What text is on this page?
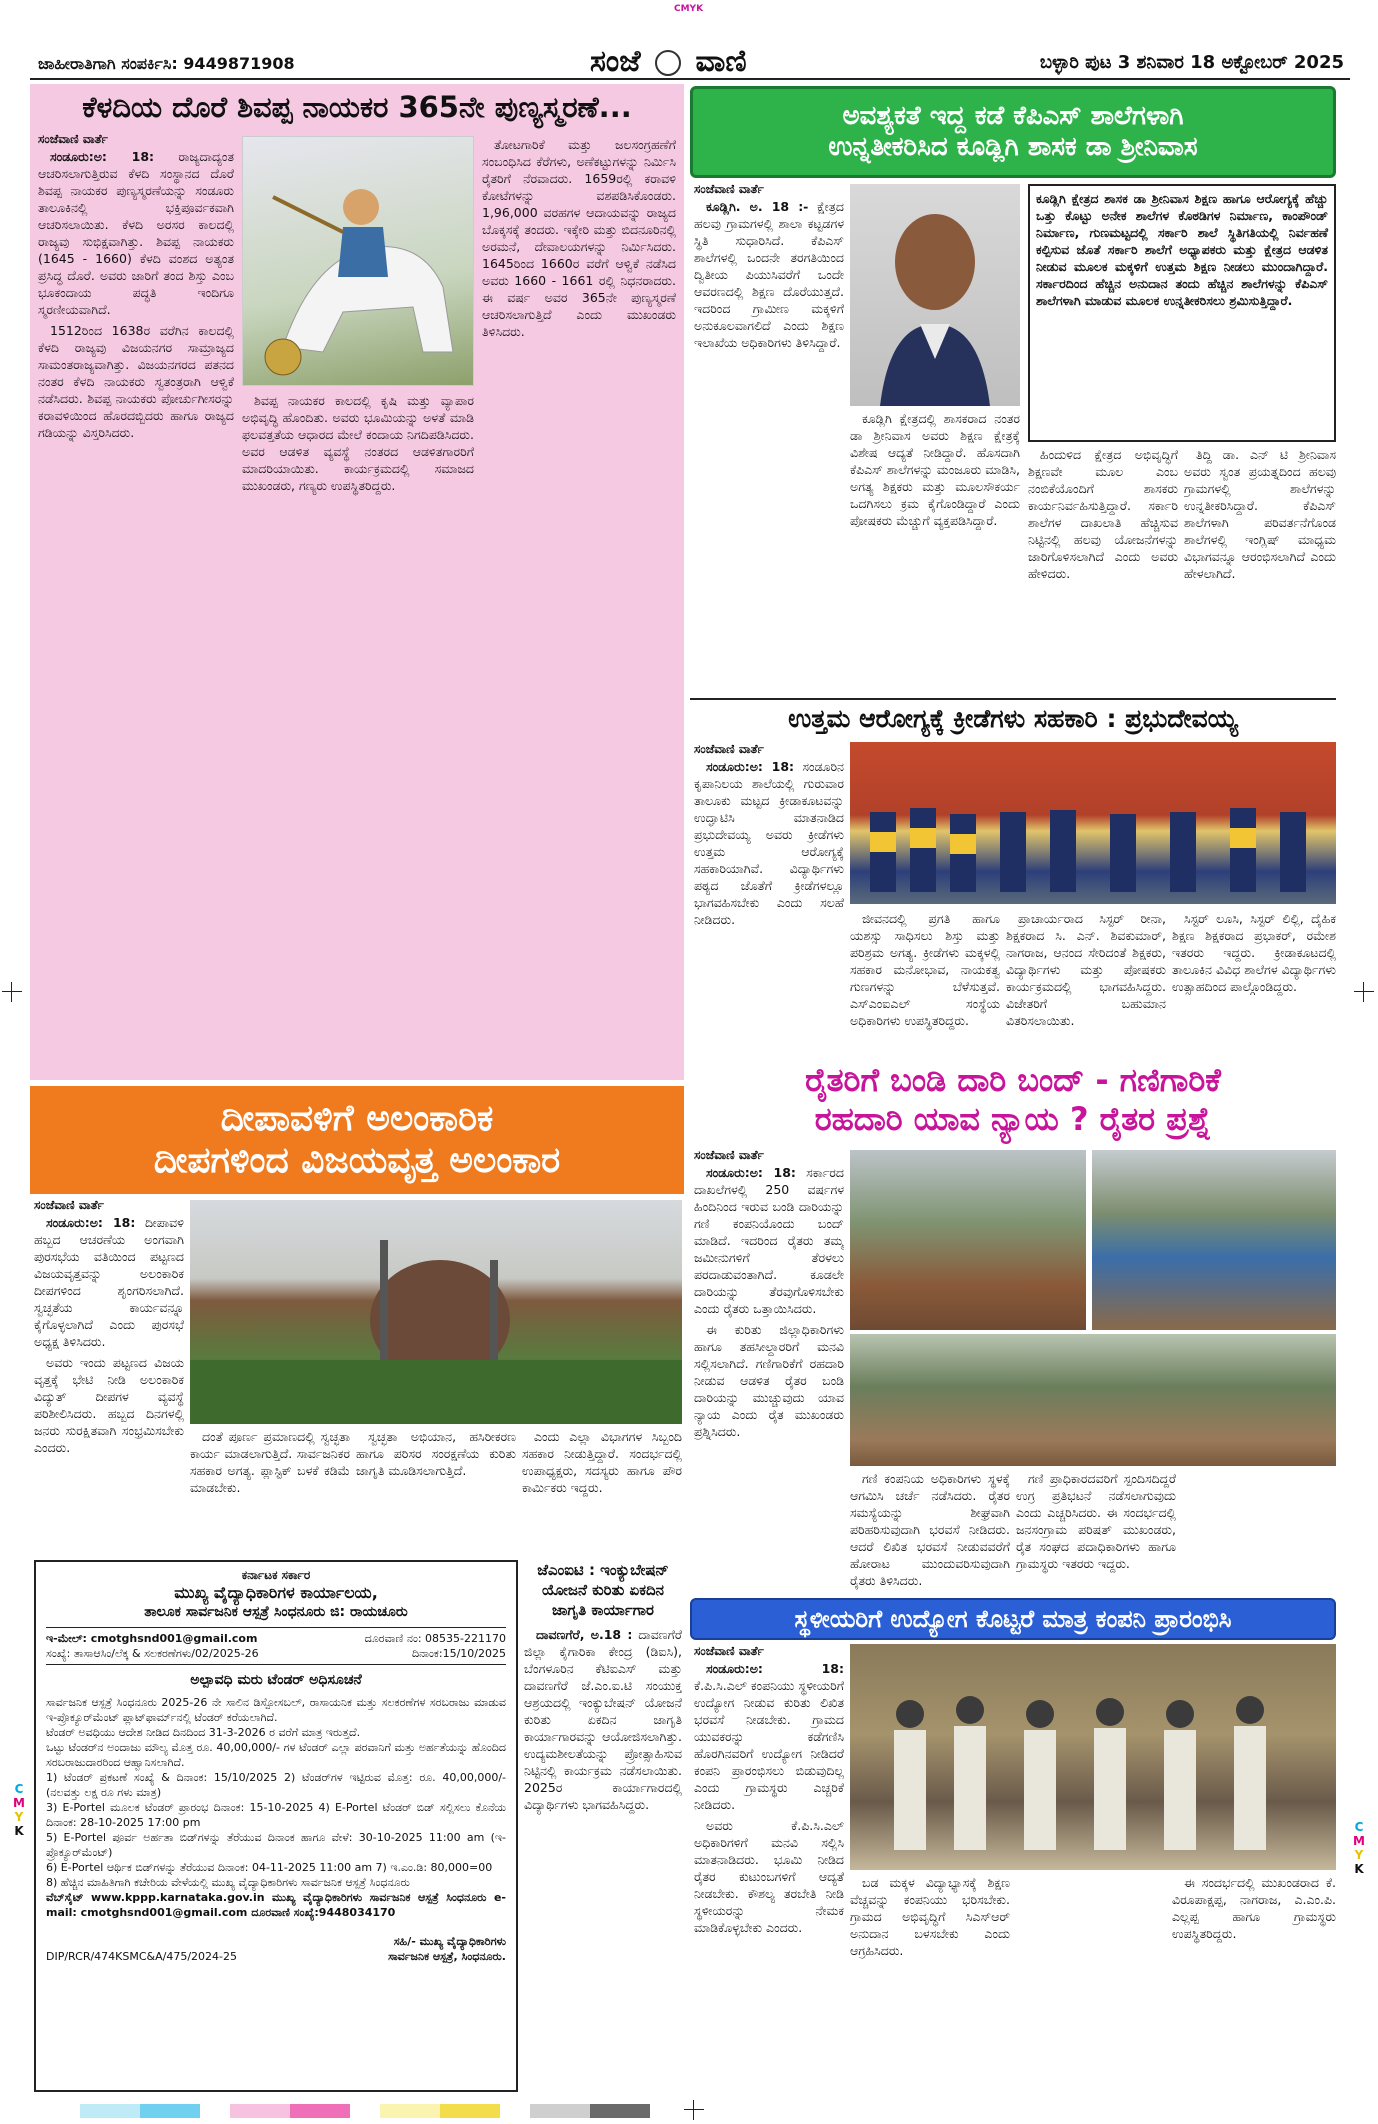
CMYK
ಜಾಹೀರಾತಿಗಾಗಿ ಸಂಪರ್ಕಿಸಿ: 9449871908	ಸಂಜೆ ವಾಣಿ	ಬಳ್ಳಾರಿ ಪುಟ 3 ಶನಿವಾರ 18 ಅಕ್ಟೋಬರ್ 2025
ಕೆಳದಿಯ ದೊರೆ ಶಿವಪ್ಪ ನಾಯಕರ 365ನೇ ಪುಣ್ಯಸ್ಮರಣೆ...
ಸಂಜೆವಾಣಿ ವಾರ್ತೆ

ಸಂಡೂರು:ಅ: 18: ರಾಜ್ಯದಾದ್ಯಂತ ಆಚರಿಸಲಾಗುತ್ತಿರುವ ಕೆಳದಿ ಸಂಸ್ಥಾನದ ದೊರೆ ಶಿವಪ್ಪ ನಾಯಕರ ಪುಣ್ಯಸ್ಮರಣೆಯನ್ನು ಸಂಡೂರು ತಾಲೂಕಿನಲ್ಲಿ ಭಕ್ತಿಪೂರ್ವಕವಾಗಿ ಆಚರಿಸಲಾಯಿತು. ಕೆಳದಿ ಅರಸರ ಕಾಲದಲ್ಲಿ ರಾಜ್ಯವು ಸುಭಿಕ್ಷವಾಗಿತ್ತು. ಶಿವಪ್ಪ ನಾಯಕರು (1645 - 1660) ಕೆಳದಿ ವಂಶದ ಅತ್ಯಂತ ಪ್ರಸಿದ್ಧ ದೊರೆ. ಅವರು ಜಾರಿಗೆ ತಂದ ಶಿಸ್ತು ಎಂಬ ಭೂಕಂದಾಯ ಪದ್ಧತಿ ಇಂದಿಗೂ ಸ್ಮರಣೀಯವಾಗಿದೆ.

1512ರಿಂದ 1638ರ ವರೆಗಿನ ಕಾಲದಲ್ಲಿ ಕೆಳದಿ ರಾಜ್ಯವು ವಿಜಯನಗರ ಸಾಮ್ರಾಜ್ಯದ ಸಾಮಂತರಾಜ್ಯವಾಗಿತ್ತು. ವಿಜಯನಗರದ ಪತನದ ನಂತರ ಕೆಳದಿ ನಾಯಕರು ಸ್ವತಂತ್ರರಾಗಿ ಆಳ್ವಿಕೆ ನಡೆಸಿದರು. ಶಿವಪ್ಪ ನಾಯಕರು ಪೋರ್ಚುಗೀಸರನ್ನು ಕರಾವಳಿಯಿಂದ ಹೊರದಬ್ಬಿದರು ಹಾಗೂ ರಾಜ್ಯದ ಗಡಿಯನ್ನು ವಿಸ್ತರಿಸಿದರು.

ಶಿವಪ್ಪ ನಾಯಕರ ಕಾಲದಲ್ಲಿ ಕೃಷಿ ಮತ್ತು ವ್ಯಾಪಾರ ಅಭಿವೃದ್ಧಿ ಹೊಂದಿತು. ಅವರು ಭೂಮಿಯನ್ನು ಅಳತೆ ಮಾಡಿ ಫಲವತ್ತತೆಯ ಆಧಾರದ ಮೇಲೆ ಕಂದಾಯ ನಿಗದಿಪಡಿಸಿದರು. ಅವರ ಆಡಳಿತ ವ್ಯವಸ್ಥೆ ನಂತರದ ಆಡಳಿತಗಾರರಿಗೆ ಮಾದರಿಯಾಯಿತು. ಕಾರ್ಯಕ್ರಮದಲ್ಲಿ ಸಮಾಜದ ಮುಖಂಡರು, ಗಣ್ಯರು ಉಪಸ್ಥಿತರಿದ್ದರು.

ತೋಟಗಾರಿಕೆ ಮತ್ತು ಜಲಸಂಗ್ರಹಣೆಗೆ ಸಂಬಂಧಿಸಿದ ಕೆರೆಗಳು, ಅಣೆಕಟ್ಟುಗಳನ್ನು ನಿರ್ಮಿಸಿ ರೈತರಿಗೆ ನೆರವಾದರು. 1659ರಲ್ಲಿ ಕರಾವಳಿ ಕೋಟೆಗಳನ್ನು ವಶಪಡಿಸಿಕೊಂಡರು. 1,96,000 ವರಹಗಳ ಆದಾಯವನ್ನು ರಾಜ್ಯದ ಬೊಕ್ಕಸಕ್ಕೆ ತಂದರು. ಇಕ್ಕೇರಿ ಮತ್ತು ಬಿದನೂರಿನಲ್ಲಿ ಅರಮನೆ, ದೇವಾಲಯಗಳನ್ನು ನಿರ್ಮಿಸಿದರು. 1645ರಿಂದ 1660ರ ವರೆಗೆ ಆಳ್ವಿಕೆ ನಡೆಸಿದ ಅವರು 1660 - 1661 ರಲ್ಲಿ ನಿಧನರಾದರು. ಈ ವರ್ಷ ಅವರ 365ನೇ ಪುಣ್ಯಸ್ಮರಣೆ ಆಚರಿಸಲಾಗುತ್ತಿದೆ ಎಂದು ಮುಖಂಡರು ತಿಳಿಸಿದರು.

ಅವಶ್ಯಕತೆ ಇದ್ದ ಕಡೆ ಕೆಪಿಎಸ್ ಶಾಲೆಗಳಾಗಿ
ಉನ್ನತೀಕರಿಸಿದ ಕೂಡ್ಲಿಗಿ ಶಾಸಕ ಡಾ ಶ್ರೀನಿವಾಸ
ಸಂಜೆವಾಣಿ ವಾರ್ತೆ

ಕೂಡ್ಲಿಗಿ. ಅ. 18 :- ಕ್ಷೇತ್ರದ ಹಲವು ಗ್ರಾಮಗಳಲ್ಲಿ ಶಾಲಾ ಕಟ್ಟಡಗಳ ಸ್ಥಿತಿ ಸುಧಾರಿಸಿದೆ. ಕೆಪಿಎಸ್ ಶಾಲೆಗಳಲ್ಲಿ ಒಂದನೇ ತರಗತಿಯಿಂದ ದ್ವಿತೀಯ ಪಿಯುಸಿವರೆಗೆ ಒಂದೇ ಆವರಣದಲ್ಲಿ ಶಿಕ್ಷಣ ದೊರೆಯುತ್ತದೆ. ಇದರಿಂದ ಗ್ರಾಮೀಣ ಮಕ್ಕಳಿಗೆ ಅನುಕೂಲವಾಗಲಿದೆ ಎಂದು ಶಿಕ್ಷಣ ಇಲಾಖೆಯ ಅಧಿಕಾರಿಗಳು ತಿಳಿಸಿದ್ದಾರೆ.

ಕೂಡ್ಲಿಗಿ ಕ್ಷೇತ್ರದ ಶಾಸಕ ಡಾ ಶ್ರೀನಿವಾಸ ಶಿಕ್ಷಣ ಹಾಗೂ ಆರೋಗ್ಯಕ್ಕೆ ಹೆಚ್ಚು ಒತ್ತು ಕೊಟ್ಟು ಅನೇಕ ಶಾಲೆಗಳ ಕೊಠಡಿಗಳ ನಿರ್ಮಾಣ, ಕಾಂಪೌಂಡ್ ನಿರ್ಮಾಣ, ಗುಣಮಟ್ಟದಲ್ಲಿ ಸರ್ಕಾರಿ ಶಾಲೆ ಸ್ಥಿತಿಗತಿಯಲ್ಲಿ ನಿರ್ವಹಣೆ ಕಲ್ಪಿಸುವ ಜೊತೆ ಸರ್ಕಾರಿ ಶಾಲೆಗೆ ಅಧ್ಯಾಪಕರು ಮತ್ತು ಕ್ಷೇತ್ರದ ಆಡಳಿತ ನೀಡುವ ಮೂಲಕ ಮಕ್ಕಳಿಗೆ ಉತ್ತಮ ಶಿಕ್ಷಣ ನೀಡಲು ಮುಂದಾಗಿದ್ದಾರೆ. ಸರ್ಕಾರದಿಂದ ಹೆಚ್ಚಿನ ಅನುದಾನ ತಂದು ಹೆಚ್ಚಿನ ಶಾಲೆಗಳನ್ನು ಕೆಪಿಎಸ್ ಶಾಲೆಗಳಾಗಿ ಮಾಡುವ ಮೂಲಕ ಉನ್ನತೀಕರಿಸಲು ಶ್ರಮಿಸುತ್ತಿದ್ದಾರೆ.

ಕೂಡ್ಲಿಗಿ ಕ್ಷೇತ್ರದಲ್ಲಿ ಶಾಸಕರಾದ ನಂತರ ಡಾ ಶ್ರೀನಿವಾಸ ಅವರು ಶಿಕ್ಷಣ ಕ್ಷೇತ್ರಕ್ಕೆ ವಿಶೇಷ ಆದ್ಯತೆ ನೀಡಿದ್ದಾರೆ. ಹೊಸದಾಗಿ ಕೆಪಿಎಸ್ ಶಾಲೆಗಳನ್ನು ಮಂಜೂರು ಮಾಡಿಸಿ, ಅಗತ್ಯ ಶಿಕ್ಷಕರು ಮತ್ತು ಮೂಲಸೌಕರ್ಯ ಒದಗಿಸಲು ಕ್ರಮ ಕೈಗೊಂಡಿದ್ದಾರೆ ಎಂದು ಪೋಷಕರು ಮೆಚ್ಚುಗೆ ವ್ಯಕ್ತಪಡಿಸಿದ್ದಾರೆ.

ಹಿಂದುಳಿದ ಕ್ಷೇತ್ರದ ಅಭಿವೃದ್ಧಿಗೆ ಶಿಕ್ಷಣವೇ ಮೂಲ ಎಂಬ ನಂಬಿಕೆಯೊಂದಿಗೆ ಶಾಸಕರು ಕಾರ್ಯನಿರ್ವಹಿಸುತ್ತಿದ್ದಾರೆ. ಸರ್ಕಾರಿ ಶಾಲೆಗಳ ದಾಖಲಾತಿ ಹೆಚ್ಚಿಸುವ ನಿಟ್ಟಿನಲ್ಲಿ ಹಲವು ಯೋಜನೆಗಳನ್ನು ಜಾರಿಗೊಳಿಸಲಾಗಿದೆ ಎಂದು ಅವರು ಹೇಳಿದರು.

ತಿದ್ದಿ ಡಾ. ಎನ್ ಟಿ ಶ್ರೀನಿವಾಸ ಅವರು ಸ್ವಂತ ಪ್ರಯತ್ನದಿಂದ ಹಲವು ಗ್ರಾಮಗಳಲ್ಲಿ ಶಾಲೆಗಳನ್ನು ಉನ್ನತೀಕರಿಸಿದ್ದಾರೆ. ಕೆಪಿಎಸ್ ಶಾಲೆಗಳಾಗಿ ಪರಿವರ್ತನೆಗೊಂಡ ಶಾಲೆಗಳಲ್ಲಿ ಇಂಗ್ಲಿಷ್ ಮಾಧ್ಯಮ ವಿಭಾಗವನ್ನೂ ಆರಂಭಿಸಲಾಗಿದೆ ಎಂದು ಹೇಳಲಾಗಿದೆ.

ಉತ್ತಮ ಆರೋಗ್ಯಕ್ಕೆ ಕ್ರೀಡೆಗಳು ಸಹಕಾರಿ : ಪ್ರಭುದೇವಯ್ಯ
ಸಂಜೆವಾಣಿ ವಾರ್ತೆ

ಸಂಡೂರು:ಅ: 18: ಸಂಡೂರಿನ ಕೃಪಾನಿಲಯ ಶಾಲೆಯಲ್ಲಿ ಗುರುವಾರ ತಾಲೂಕು ಮಟ್ಟದ ಕ್ರೀಡಾಕೂಟವನ್ನು ಉದ್ಘಾಟಿಸಿ ಮಾತನಾಡಿದ ಪ್ರಭುದೇವಯ್ಯ ಅವರು ಕ್ರೀಡೆಗಳು ಉತ್ತಮ ಆರೋಗ್ಯಕ್ಕೆ ಸಹಕಾರಿಯಾಗಿವೆ. ವಿದ್ಯಾರ್ಥಿಗಳು ಪಠ್ಯದ ಜೊತೆಗೆ ಕ್ರೀಡೆಗಳಲ್ಲೂ ಭಾಗವಹಿಸಬೇಕು ಎಂದು ಸಲಹೆ ನೀಡಿದರು.	ಜೀವನದಲ್ಲಿ ಪ್ರಗತಿ ಹಾಗೂ ಯಶಸ್ಸು ಸಾಧಿಸಲು ಶಿಸ್ತು ಮತ್ತು ಪರಿಶ್ರಮ ಅಗತ್ಯ. ಕ್ರೀಡೆಗಳು ಮಕ್ಕಳಲ್ಲಿ ಸಹಕಾರ ಮನೋಭಾವ, ನಾಯಕತ್ವ ಗುಣಗಳನ್ನು ಬೆಳೆಸುತ್ತವೆ. ಎಸ್‌ಎಂಐಎಲ್ ಸಂಸ್ಥೆಯ ಅಧಿಕಾರಿಗಳು ಉಪಸ್ಥಿತರಿದ್ದರು.

ಪ್ರಾಚಾರ್ಯರಾದ ಸಿಸ್ಟರ್ ರೀನಾ, ಶಿಕ್ಷಕರಾದ ಸಿ. ಎನ್. ಶಿವಕುಮಾರ್, ನಾಗರಾಜ, ಆನಂದ ಸೇರಿದಂತೆ ಶಿಕ್ಷಕರು, ವಿದ್ಯಾರ್ಥಿಗಳು ಮತ್ತು ಪೋಷಕರು ಕಾರ್ಯಕ್ರಮದಲ್ಲಿ ಭಾಗವಹಿಸಿದ್ದರು. ವಿಜೇತರಿಗೆ ಬಹುಮಾನ ವಿತರಿಸಲಾಯಿತು.

ಸಿಸ್ಟರ್ ಲೂಸಿ, ಸಿಸ್ಟರ್ ಲಿಲ್ಲಿ, ದೈಹಿಕ ಶಿಕ್ಷಣ ಶಿಕ್ಷಕರಾದ ಪ್ರಭಾಕರ್, ರಮೇಶ ಇತರರು ಇದ್ದರು. ಕ್ರೀಡಾಕೂಟದಲ್ಲಿ ತಾಲೂಕಿನ ವಿವಿಧ ಶಾಲೆಗಳ ವಿದ್ಯಾರ್ಥಿಗಳು ಉತ್ಸಾಹದಿಂದ ಪಾಲ್ಗೊಂಡಿದ್ದರು.

ರೈತರಿಗೆ ಬಂಡಿ ದಾರಿ ಬಂದ್ - ಗಣಿಗಾರಿಕೆ
ರಹದಾರಿ ಯಾವ ನ್ಯಾಯ ? ರೈತರ ಪ್ರಶ್ನೆ
ಸಂಜೆವಾಣಿ ವಾರ್ತೆ

ಸಂಡೂರು:ಅ: 18: ಸರ್ಕಾರದ ದಾಖಲೆಗಳಲ್ಲಿ 250 ವರ್ಷಗಳ ಹಿಂದಿನಿಂದ ಇರುವ ಬಂಡಿ ದಾರಿಯನ್ನು ಗಣಿ ಕಂಪನಿಯೊಂದು ಬಂದ್ ಮಾಡಿದೆ. ಇದರಿಂದ ರೈತರು ತಮ್ಮ ಜಮೀನುಗಳಿಗೆ ತೆರಳಲು ಪರದಾಡುವಂತಾಗಿದೆ. ಕೂಡಲೇ ದಾರಿಯನ್ನು ತೆರವುಗೊಳಿಸಬೇಕು ಎಂದು ರೈತರು ಒತ್ತಾಯಿಸಿದರು.

ಈ ಕುರಿತು ಜಿಲ್ಲಾಧಿಕಾರಿಗಳು ಹಾಗೂ ತಹಸೀಲ್ದಾರರಿಗೆ ಮನವಿ ಸಲ್ಲಿಸಲಾಗಿದೆ. ಗಣಿಗಾರಿಕೆಗೆ ರಹದಾರಿ ನೀಡುವ ಆಡಳಿತ ರೈತರ ಬಂಡಿ ದಾರಿಯನ್ನು ಮುಚ್ಚುವುದು ಯಾವ ನ್ಯಾಯ ಎಂದು ರೈತ ಮುಖಂಡರು ಪ್ರಶ್ನಿಸಿದರು.

ಗಣಿ ಕಂಪನಿಯ ಅಧಿಕಾರಿಗಳು ಸ್ಥಳಕ್ಕೆ ಆಗಮಿಸಿ ಚರ್ಚೆ ನಡೆಸಿದರು. ರೈತರ ಸಮಸ್ಯೆಯನ್ನು ಶೀಘ್ರವಾಗಿ ಪರಿಹರಿಸುವುದಾಗಿ ಭರವಸೆ ನೀಡಿದರು. ಆದರೆ ಲಿಖಿತ ಭರವಸೆ ನೀಡುವವರೆಗೆ ಹೋರಾಟ ಮುಂದುವರಿಸುವುದಾಗಿ ರೈತರು ತಿಳಿಸಿದರು.

ಗಣಿ ಪ್ರಾಧಿಕಾರದವರಿಗೆ ಸ್ಪಂದಿಸದಿದ್ದರೆ ಉಗ್ರ ಪ್ರತಿಭಟನೆ ನಡೆಸಲಾಗುವುದು ಎಂದು ಎಚ್ಚರಿಸಿದರು. ಈ ಸಂದರ್ಭದಲ್ಲಿ ಜನಸಂಗ್ರಾಮ ಪರಿಷತ್ ಮುಖಂಡರು, ರೈತ ಸಂಘದ ಪದಾಧಿಕಾರಿಗಳು ಹಾಗೂ ಗ್ರಾಮಸ್ಥರು ಇತರರು ಇದ್ದರು.

ದೀಪಾವಳಿಗೆ ಅಲಂಕಾರಿಕ
ದೀಪಗಳಿಂದ ವಿಜಯವೃತ್ತ ಅಲಂಕಾರ
ಸಂಜೆವಾಣಿ ವಾರ್ತೆ

ಸಂಡೂರು:ಅ: 18: ದೀಪಾವಳಿ ಹಬ್ಬದ ಆಚರಣೆಯ ಅಂಗವಾಗಿ ಪುರಸಭೆಯ ವತಿಯಿಂದ ಪಟ್ಟಣದ ವಿಜಯವೃತ್ತವನ್ನು ಅಲಂಕಾರಿಕ ದೀಪಗಳಿಂದ ಶೃಂಗರಿಸಲಾಗಿದೆ. ಸ್ವಚ್ಛತೆಯ ಕಾರ್ಯವನ್ನೂ ಕೈಗೊಳ್ಳಲಾಗಿದೆ ಎಂದು ಪುರಸಭೆ ಅಧ್ಯಕ್ಷ ತಿಳಿಸಿದರು.

ಅವರು ಇಂದು ಪಟ್ಟಣದ ವಿಜಯ ವೃತ್ತಕ್ಕೆ ಭೇಟಿ ನೀಡಿ ಅಲಂಕಾರಿಕ ವಿದ್ಯುತ್ ದೀಪಗಳ ವ್ಯವಸ್ಥೆ ಪರಿಶೀಲಿಸಿದರು. ಹಬ್ಬದ ದಿನಗಳಲ್ಲಿ ಜನರು ಸುರಕ್ಷಿತವಾಗಿ ಸಂಭ್ರಮಿಸಬೇಕು ಎಂದರು.

ದಂತೆ ಪೂರ್ಣ ಪ್ರಮಾಣದಲ್ಲಿ ಸ್ವಚ್ಛತಾ ಕಾರ್ಯ ಮಾಡಲಾಗುತ್ತಿದೆ. ಸಾರ್ವಜನಿಕರ ಸಹಕಾರ ಅಗತ್ಯ. ಪ್ಲಾಸ್ಟಿಕ್ ಬಳಕೆ ಕಡಿಮೆ ಮಾಡಬೇಕು.

ಸ್ವಚ್ಛತಾ ಅಭಿಯಾನ, ಹಸಿರೀಕರಣ ಹಾಗೂ ಪರಿಸರ ಸಂರಕ್ಷಣೆಯ ಕುರಿತು ಜಾಗೃತಿ ಮೂಡಿಸಲಾಗುತ್ತಿದೆ.

ಎಂದು ಎಲ್ಲಾ ವಿಭಾಗಗಳ ಸಿಬ್ಬಂದಿ ಸಹಕಾರ ನೀಡುತ್ತಿದ್ದಾರೆ. ಸಂದರ್ಭದಲ್ಲಿ ಉಪಾಧ್ಯಕ್ಷರು, ಸದಸ್ಯರು ಹಾಗೂ ಪೌರ ಕಾರ್ಮಿಕರು ಇದ್ದರು.

ಕರ್ನಾಟಕ ಸರ್ಕಾರ
ಮುಖ್ಯ ವೈದ್ಯಾಧಿಕಾರಿಗಳ ಕಾರ್ಯಾಲಯ,
ತಾಲೂಕ ಸಾರ್ವಜನಿಕ ಆಸ್ಪತ್ರೆ ಸಿಂಧನೂರು ಜಿ: ರಾಯಚೂರು
ಇ-ಮೇಲ್: cmotghsnd001@gmail.com	ದೂರವಾಣಿ ನಂ: 08535-221170
ಸಂಖ್ಯೆ: ತಾಸಾಆಸಿಂ/ಲೆಕ್ಕ & ಸಲಕರಣೆಗಳು/02/2025-26	ದಿನಾಂಕ:15/10/2025
ಅಲ್ಪಾವಧಿ ಮರು ಟೆಂಡರ್ ಅಧಿಸೂಚನೆ
ಸಾರ್ವಜನಿಕ ಆಸ್ಪತ್ರೆ ಸಿಂಧನೂರು 2025-26 ನೇ ಸಾಲಿನ ಡಿಸ್ಪೋಸಬಲ್, ರಾಸಾಯನಿಕ ಮತ್ತು ಸಲಕರಣೆಗಳ ಸರಬರಾಜು ಮಾಡುವ ಇ-ಪ್ರೊಕ್ಯೂರ್‌ಮೆಂಟ್ ಪ್ಲಾಟ್‌ಫಾರ್ಮ್‌ನಲ್ಲಿ ಟೆಂಡರ್ ಕರೆಯಲಾಗಿದೆ.
ಟೆಂಡರ್ ಅವಧಿಯು ಆದೇಶ ನೀಡಿದ ದಿನದಿಂದ 31-3-2026 ರ ವರೆಗೆ ಮಾತ್ರ ಇರುತ್ತದೆ.
ಒಟ್ಟು ಟೆಂಡರ್‌ನ ಅಂದಾಜು ಮೌಲ್ಯ ಮೊತ್ತ ರೂ. 40,00,000/- ಗಳ ಟೆಂಡರ್ ಎಲ್ಲಾ ಪರವಾನಿಗೆ ಮತ್ತು ಅರ್ಹತೆಯನ್ನು ಹೊಂದಿದ ಸರಬರಾಜುದಾರರಿಂದ ಆಹ್ವಾನಿಸಲಾಗಿದೆ.
1) ಟೆಂಡರ್ ಪ್ರಕಟಣೆ ಸಂಖ್ಯೆ & ದಿನಾಂಕ: 15/10/2025 2) ಟೆಂಡರ್‌ಗಳ ಇಟ್ಟಿರುವ ಮೊತ್ತ: ರೂ. 40,00,000/- (ನಲವತ್ತು ಲಕ್ಷ ರೂ ಗಳು ಮಾತ್ರ)
3) E-Portel ಮೂಲಕ ಟೆಂಡರ್ ಪ್ರಾರಂಭ ದಿನಾಂಕ: 15-10-2025 4) E-Portel ಟೆಂಡರ್ ಬಿಡ್ ಸಲ್ಲಿಸಲು ಕೊನೆಯ ದಿನಾಂಕ: 28-10-2025 17:00 pm
5) E-Portel ಪೂರ್ವ ಅರ್ಹತಾ ಬಿಡ್‌ಗಳನ್ನು ತೆರೆಯುವ ದಿನಾಂಕ ಹಾಗೂ ವೇಳೆ: 30-10-2025 11:00 am (ಇ-ಪ್ರೊಕ್ಯೂರ್‌ಮೆಂಟ್)
6) E-Portel ಆರ್ಥಿಕ ಬಿಡ್‌ಗಳನ್ನು ತೆರೆಯುವ ದಿನಾಂಕ: 04-11-2025 11:00 am 7) ಇ.ಎಂ.ಡಿ: 80,000=00
8) ಹೆಚ್ಚಿನ ಮಾಹಿತಿಗಾಗಿ ಕಚೇರಿಯ ವೇಳೆಯಲ್ಲಿ ಮುಖ್ಯ ವೈದ್ಯಾಧಿಕಾರಿಗಳು ಸಾರ್ವಜನಿಕ ಆಸ್ಪತ್ರೆ ಸಿಂಧನೂರು
ವೆಬ್‌ಸೈಟ್ www.kppp.karnataka.gov.in ಮುಖ್ಯ ವೈದ್ಯಾಧಿಕಾರಿಗಳು ಸಾರ್ವಜನಿಕ ಆಸ್ಪತ್ರೆ ಸಿಂಧನೂರು e-mail: cmotghsnd001@gmail.com ದೂರವಾಣಿ ಸಂಖ್ಯೆ:9448034170
DIP/RCR/474KSMC&A/475/2024-25
ಸಹಿ/- ಮುಖ್ಯ ವೈದ್ಯಾಧಿಕಾರಿಗಳು
ಸಾರ್ವಜನಿಕ ಆಸ್ಪತ್ರೆ, ಸಿಂಧನೂರು.
ಜೆಎಂಐಟಿ : ಇಂಕ್ಯುಬೇಷನ್ ಯೋಜನೆ ಕುರಿತು ಏಕದಿನ ಜಾಗೃತಿ ಕಾರ್ಯಾಗಾರ

ದಾವಣಗೆರೆ, ಅ.18 : ದಾವಣಗೆರೆ ಜಿಲ್ಲಾ ಕೈಗಾರಿಕಾ ಕೇಂದ್ರ (ಡಿಐಸಿ), ಬೆಂಗಳೂರಿನ ಕೆಟಿಐಎಸ್ ಮತ್ತು ದಾವಣಗೆರೆ ಜೆ.ಎಂ.ಐ.ಟಿ ಸಂಯುಕ್ತ ಆಶ್ರಯದಲ್ಲಿ ಇಂಕ್ಯುಬೇಷನ್ ಯೋಜನೆ ಕುರಿತು ಏಕದಿನ ಜಾಗೃತಿ ಕಾರ್ಯಾಗಾರವನ್ನು ಆಯೋಜಿಸಲಾಗಿತ್ತು. ಉದ್ಯಮಶೀಲತೆಯನ್ನು ಪ್ರೋತ್ಸಾಹಿಸುವ ನಿಟ್ಟಿನಲ್ಲಿ ಕಾರ್ಯಕ್ರಮ ನಡೆಸಲಾಯಿತು. 2025ರ ಕಾರ್ಯಾಗಾರದಲ್ಲಿ ವಿದ್ಯಾರ್ಥಿಗಳು ಭಾಗವಹಿಸಿದ್ದರು.

ಸ್ಥಳೀಯರಿಗೆ ಉದ್ಯೋಗ ಕೊಟ್ಟರೆ ಮಾತ್ರ ಕಂಪನಿ ಪ್ರಾರಂಭಿಸಿ
ಸಂಜೆವಾಣಿ ವಾರ್ತೆ

ಸಂಡೂರು:ಅ: 18: ಕೆ.ಪಿ.ಸಿ.ಎಲ್ ಕಂಪನಿಯು ಸ್ಥಳೀಯರಿಗೆ ಉದ್ಯೋಗ ನೀಡುವ ಕುರಿತು ಲಿಖಿತ ಭರವಸೆ ನೀಡಬೇಕು. ಗ್ರಾಮದ ಯುವಕರನ್ನು ಕಡೆಗಣಿಸಿ ಹೊರಗಿನವರಿಗೆ ಉದ್ಯೋಗ ನೀಡಿದರೆ ಕಂಪನಿ ಪ್ರಾರಂಭಿಸಲು ಬಿಡುವುದಿಲ್ಲ ಎಂದು ಗ್ರಾಮಸ್ಥರು ಎಚ್ಚರಿಕೆ ನೀಡಿದರು.

ಅವರು ಕೆ.ಪಿ.ಸಿ.ಎಲ್ ಅಧಿಕಾರಿಗಳಿಗೆ ಮನವಿ ಸಲ್ಲಿಸಿ ಮಾತನಾಡಿದರು. ಭೂಮಿ ನೀಡಿದ ರೈತರ ಕುಟುಂಬಗಳಿಗೆ ಆದ್ಯತೆ ನೀಡಬೇಕು. ಕೌಶಲ್ಯ ತರಬೇತಿ ನೀಡಿ ಸ್ಥಳೀಯರನ್ನು ನೇಮಕ ಮಾಡಿಕೊಳ್ಳಬೇಕು ಎಂದರು.

ಬಡ ಮಕ್ಕಳ ವಿದ್ಯಾಭ್ಯಾಸಕ್ಕೆ ಶಿಕ್ಷಣ ವೆಚ್ಚವನ್ನು ಕಂಪನಿಯು ಭರಿಸಬೇಕು. ಗ್ರಾಮದ ಅಭಿವೃದ್ಧಿಗೆ ಸಿಎಸ್‌ಆರ್ ಅನುದಾನ ಬಳಸಬೇಕು ಎಂದು ಆಗ್ರಹಿಸಿದರು.

ಈ ಸಂದರ್ಭದಲ್ಲಿ ಮುಖಂಡರಾದ ಕೆ. ವಿರೂಪಾಕ್ಷಪ್ಪ, ನಾಗರಾಜ, ಎ.ಎಂ.ಪಿ. ಎಲ್ಲಪ್ಪ ಹಾಗೂ ಗ್ರಾಮಸ್ಥರು ಉಪಸ್ಥಿತರಿದ್ದರು.

C
M
Y
K	C
M
Y
K
